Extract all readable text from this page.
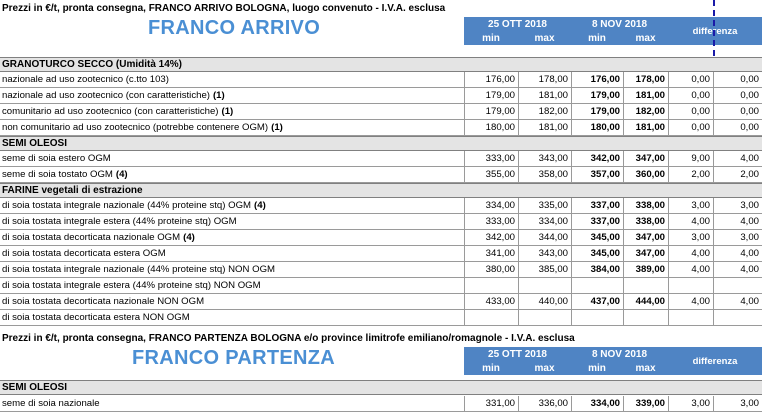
Prezzi in €/t, pronta consegna, FRANCO ARRIVO BOLOGNA, luogo convenuto - I.V.A. esclusa
FRANCO ARRIVO	25 OTT 2018	8 NOV 2018
min	max	min	max
differenza
GRANOTURCO SECCO (Umidità 14%)
nazionale ad uso zootecnico (c.tto 103)	176,00	178,00	176,00	178,00	0,00	0,00
nazionale ad uso zootecnico (con caratteristiche) (1)	179,00	181,00	179,00	181,00	0,00	0,00
comunitario ad uso zootecnico (con caratteristiche) (1)	179,00	182,00	179,00	182,00	0,00	0,00
non comunitario ad uso zootecnico (potrebbe contenere OGM) (1)	180,00	181,00	180,00	181,00	0,00	0,00
SEMI OLEOSI
seme di soia estero OGM	333,00	343,00	342,00	347,00	9,00	4,00
seme di soia tostato OGM (4)	355,00	358,00	357,00	360,00	2,00	2,00
FARINE vegetali di estrazione
di soia tostata integrale nazionale (44% proteine stq) OGM (4)	334,00	335,00	337,00	338,00	3,00	3,00
di soia tostata integrale estera (44% proteine stq) OGM	333,00	334,00	337,00	338,00	4,00	4,00
di soia tostata decorticata nazionale OGM (4)	342,00	344,00	345,00	347,00	3,00	3,00
di soia tostata decorticata estera OGM	341,00	343,00	345,00	347,00	4,00	4,00
di soia tostata integrale nazionale (44% proteine stq) NON OGM	380,00	385,00	384,00	389,00	4,00	4,00
di soia tostata integrale estera (44% proteine stq) NON OGM
di soia tostata decorticata nazionale NON OGM	433,00	440,00	437,00	444,00	4,00	4,00
di soia tostata decorticata estera NON OGM
Prezzi in €/t, pronta consegna, FRANCO PARTENZA BOLOGNA e/o province limitrofe emiliano/romagnole - I.V.A. esclusa
FRANCO PARTENZA	25 OTT 2018	8 NOV 2018
min	max	min	max
differenza
SEMI OLEOSI
seme di soia nazionale	331,00	336,00	334,00	339,00	3,00	3,00
